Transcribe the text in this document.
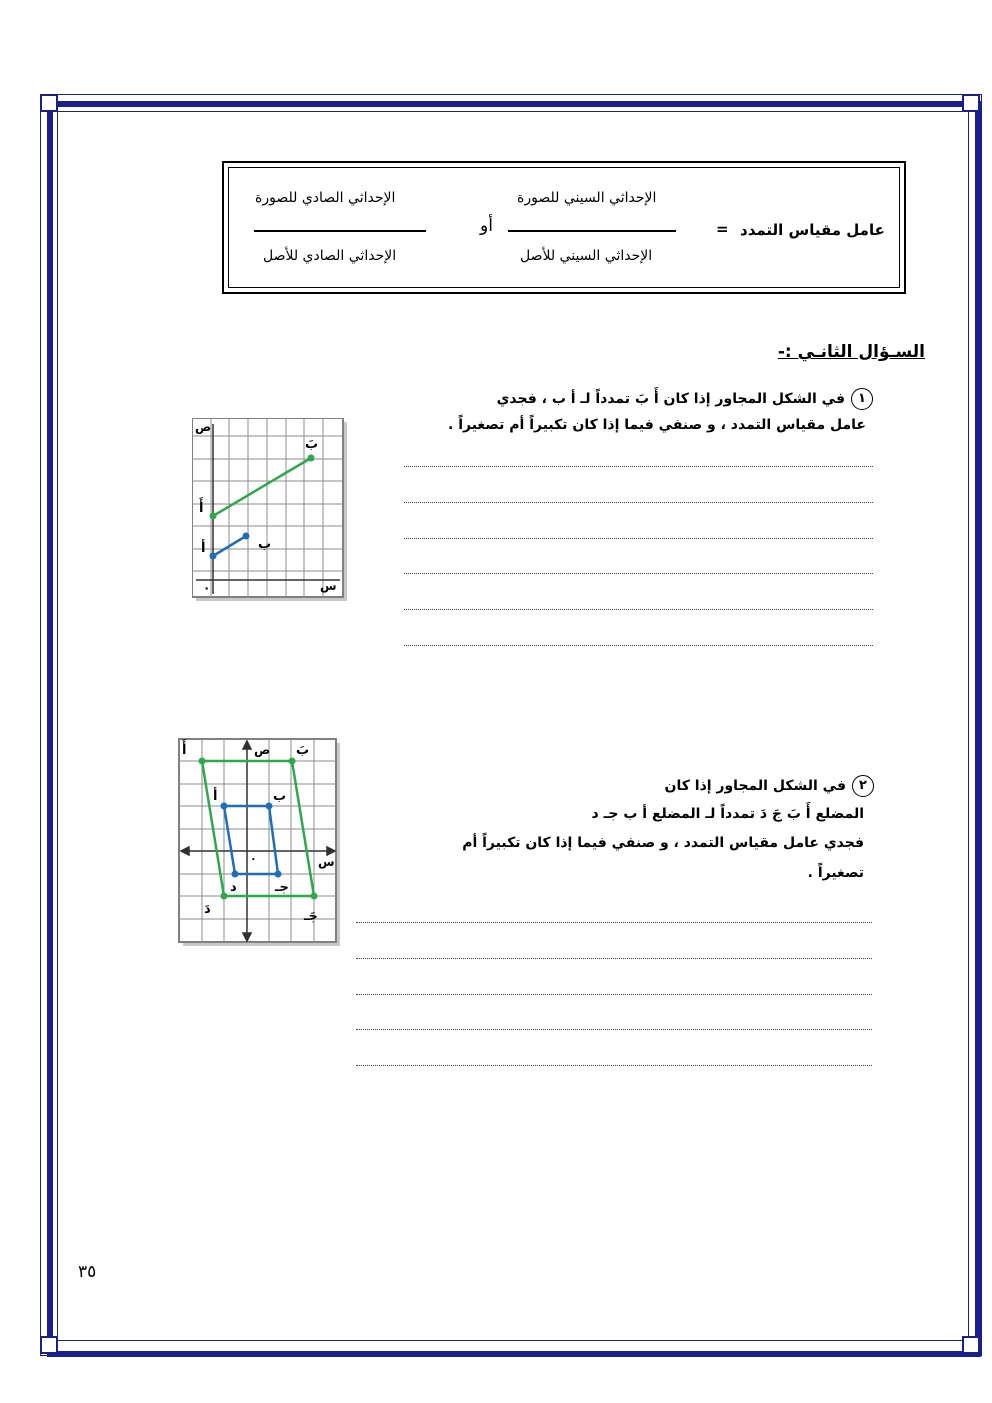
عامل مقياس التمدد
=
الإحداثي السيني للصورة
الإحداثي السيني للأصل
أو
الإحداثي الصادي للصورة
الإحداثي الصادي للأصل
السـؤال الثانـي :-
١في الشكل المجاور إذا كان أَ بَ تمدداً لـ أ ب ، فجدي
عامل مقياس التمدد ، و صنفي فيما إذا كان تكبيراً أم تصغيراً .
ص
س
٠
أ	ب
أَ
بَ
٢في الشكل المجاور إذا كان
المضلع أَ بَ جَ دَ تمدداً لـ المضلع أ ب جـ د
فجدي عامل مقياس التمدد ، و صنفي فيما إذا كان تكبيراً أم
تصغيراً .
ص
س
٠
أَ	بَ
جَـ
دَ
أ	ب
جـ
د
٣٥
